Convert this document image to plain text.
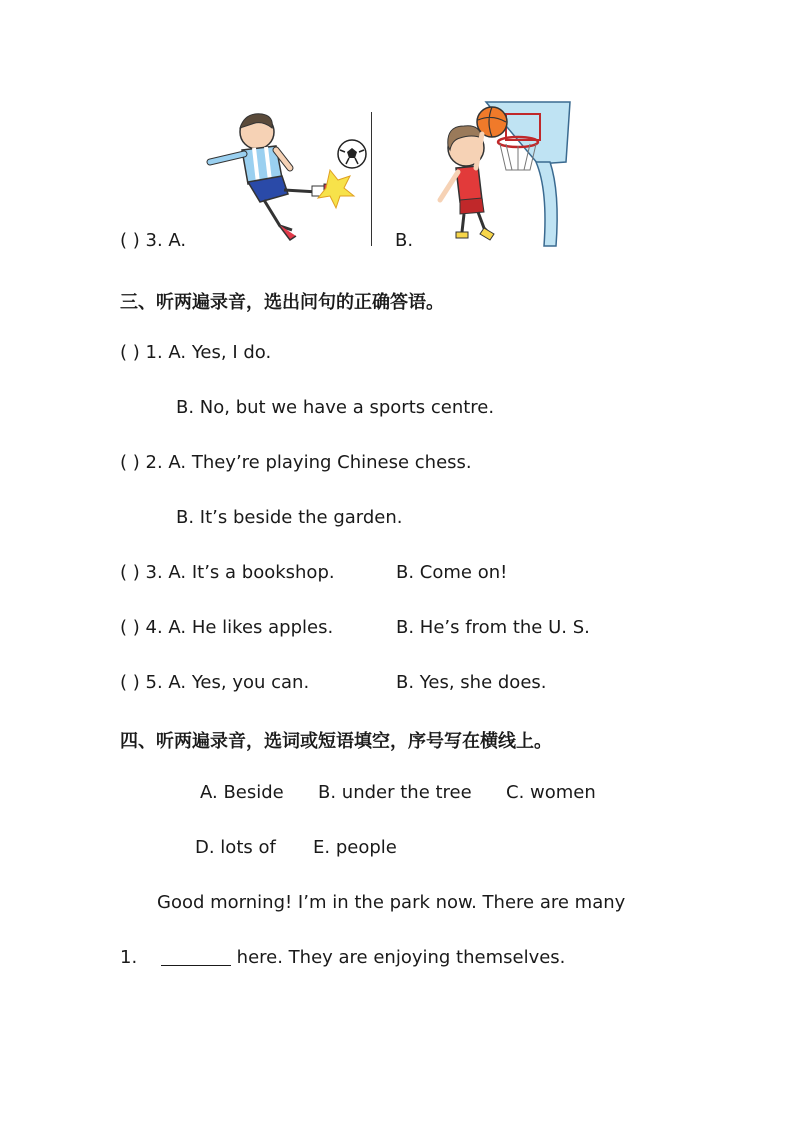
( ) 3. A.	B.
三、听两遍录音，选出问句的正确答语。
( ) 1. A. Yes, I do.
B. No, but we have a sports centre.
( ) 2. A. They’re playing Chinese chess.
B. It’s beside the garden.
( ) 3. A. It’s a bookshop.	B. Come on!
( ) 4. A. He likes apples.	B. He’s from the U. S.
( ) 5. A. Yes, you can.	B. Yes, she does.
四、听两遍录音，选词或短语填空，序号写在横线上。
A. Beside B. under the tree C. women
D. lots of E. people
Good morning! I’m in the park now. There are many
1.	here. They are enjoying themselves.
